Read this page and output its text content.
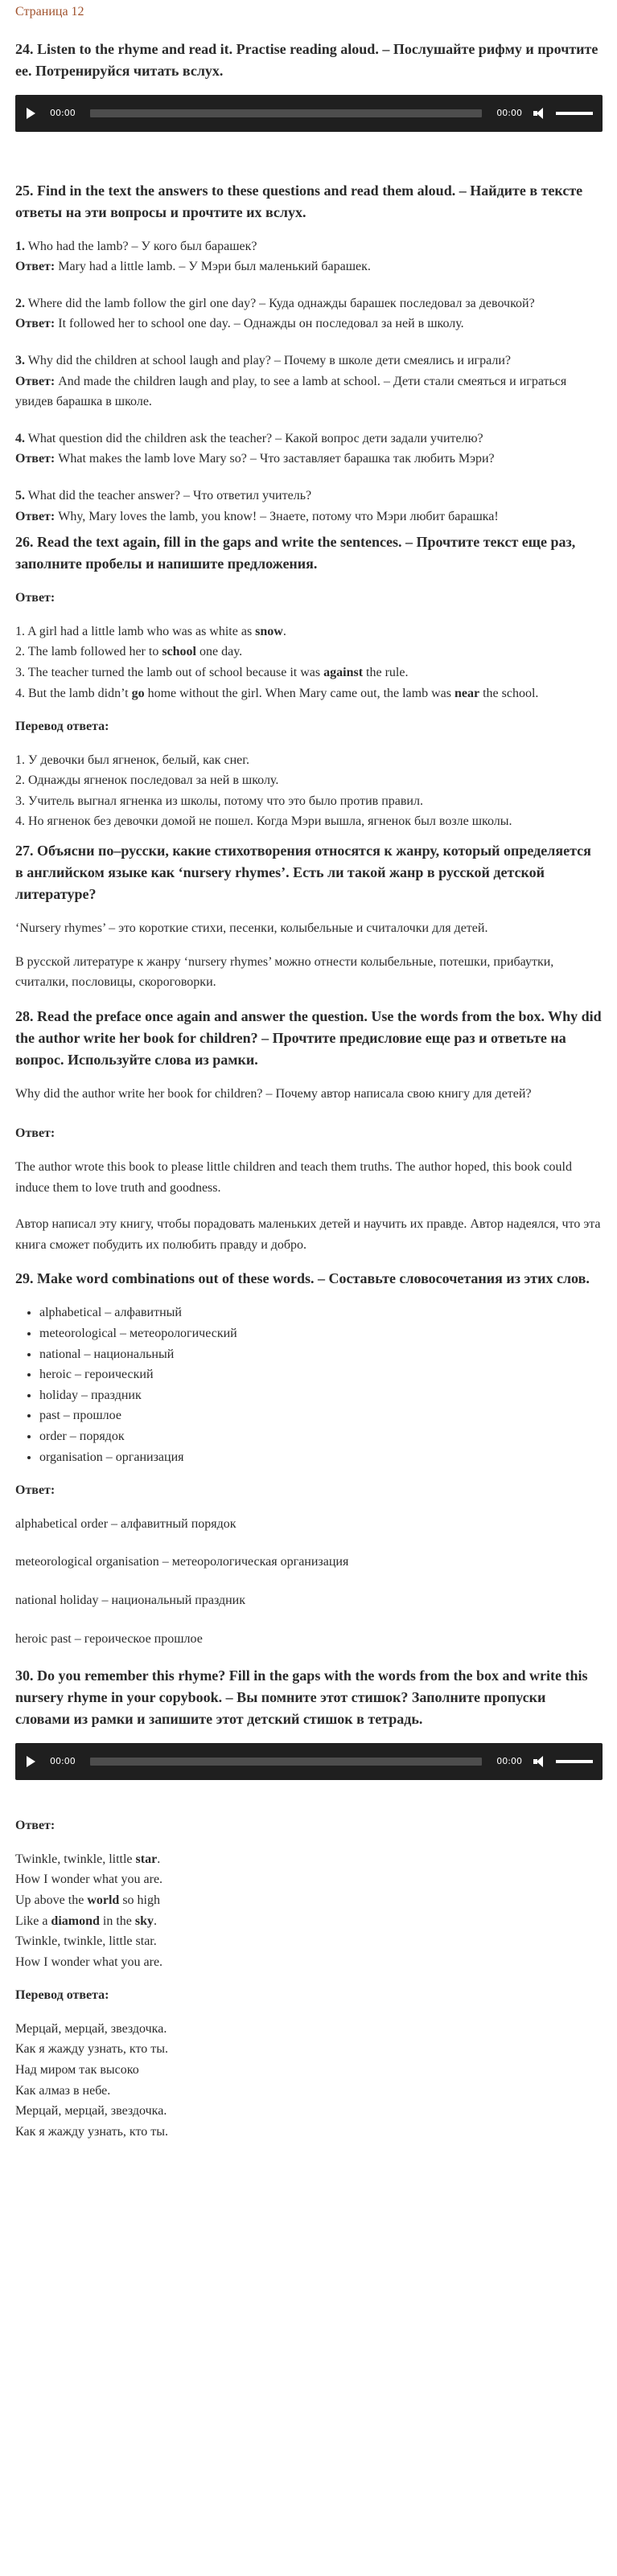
Страница 12
24. Listen to the rhyme and read it. Practise reading aloud. – Послушайте рифму и прочтите ее. Потренируйся читать вслух.
00:00	00:00
25. Find in the text the answers to these questions and read them aloud. – Найдите в тексте ответы на эти вопросы и прочтите их вслух.
1. Who had the lamb? – У кого был барашек?
Ответ: Mary had a little lamb. – У Мэри был маленький барашек.
2. Where did the lamb follow the girl one day? – Куда однажды барашек последовал за девочкой?
Ответ: It followed her to school one day. – Однажды он последовал за ней в школу.
3. Why did the children at school laugh and play? – Почему в школе дети смеялись и играли?
Ответ: And made the children laugh and play, to see a lamb at school. – Дети стали смеяться и играться увидев барашка в школе.
4. What question did the children ask the teacher? – Какой вопрос дети задали учителю?
Ответ: What makes the lamb love Mary so? – Что заставляет барашка так любить Мэри?
5. What did the teacher answer? – Что ответил учитель?
Ответ: Why, Mary loves the lamb, you know! – Знаете, потому что Мэри любит барашка!
26. Read the text again, fill in the gaps and write the sentences. – Прочтите текст еще раз, заполните пробелы и напишите предложения.

Ответ:

1. A girl had a little lamb who was as white as snow.
2. The lamb followed her to school one day.
3. The teacher turned the lamb out of school because it was against the rule.
4. But the lamb didn’t go home without the girl. When Mary came out, the lamb was near the school.

Перевод ответа:

1. У девочки был ягненок, белый, как снег.
2. Однажды ягненок последовал за ней в школу.
3. Учитель выгнал ягненка из школы, потому что это было против правил.
4. Но ягненок без девочки домой не пошел. Когда Мэри вышла, ягненок был возле школы.
27. Объясни по–русски, какие стихотворения относятся к жанру, который определяется в английском языке как ‘nursery rhymes’. Есть ли такой жанр в русской детской литературе?

‘Nursery rhymes’ – это короткие стихи, песенки, колыбельные и считалочки для детей.

В русской литературе к жанру ‘nursery rhymes’ можно отнести колыбельные, потешки, прибаутки, считалки, пословицы, скороговорки.

28. Read the preface once again and answer the question. Use the words from the box. Why did the author write her book for children? – Прочтите предисловие еще раз и ответьте на вопрос. Используйте слова из рамки.

Why did the author write her book for children? – Почему автор написала свою книгу для детей?

Ответ:

The author wrote this book to please little children and teach them truths. The author hoped, this book could induce them to love truth and goodness.

Автор написал эту книгу, чтобы порадовать маленьких детей и научить их правде. Автор надеялся, что эта книга сможет побудить их полюбить правду и добро.

29. Make word combinations out of these words. – Составьте словосочетания из этих слов.
• alphabetical – алфавитный
• meteorological – метеорологический
• national – национальный
• heroic – героический
• holiday – праздник
• past – прошлое
• order – порядок
• organisation – организация

Ответ:

alphabetical order – алфавитный порядок

meteorological organisation – метеорологическая организация

national holiday – национальный праздник

heroic past – героическое прошлое

30. Do you remember this rhyme? Fill in the gaps with the words from the box and write this nursery rhyme in your copybook. – Вы помните этот стишок? Заполните пропуски словами из рамки и запишите этот детский стишок в тетрадь.
00:00	00:00

Ответ:

Twinkle, twinkle, little star.
How I wonder what you are.
Up above the world so high
Like a diamond in the sky.
Twinkle, twinkle, little star.
How I wonder what you are.

Перевод ответа:

Мерцай, мерцай, звездочка.
Как я жажду узнать, кто ты.
Над миром так высоко
Как алмаз в небе.
Мерцай, мерцай, звездочка.
Как я жажду узнать, кто ты.
